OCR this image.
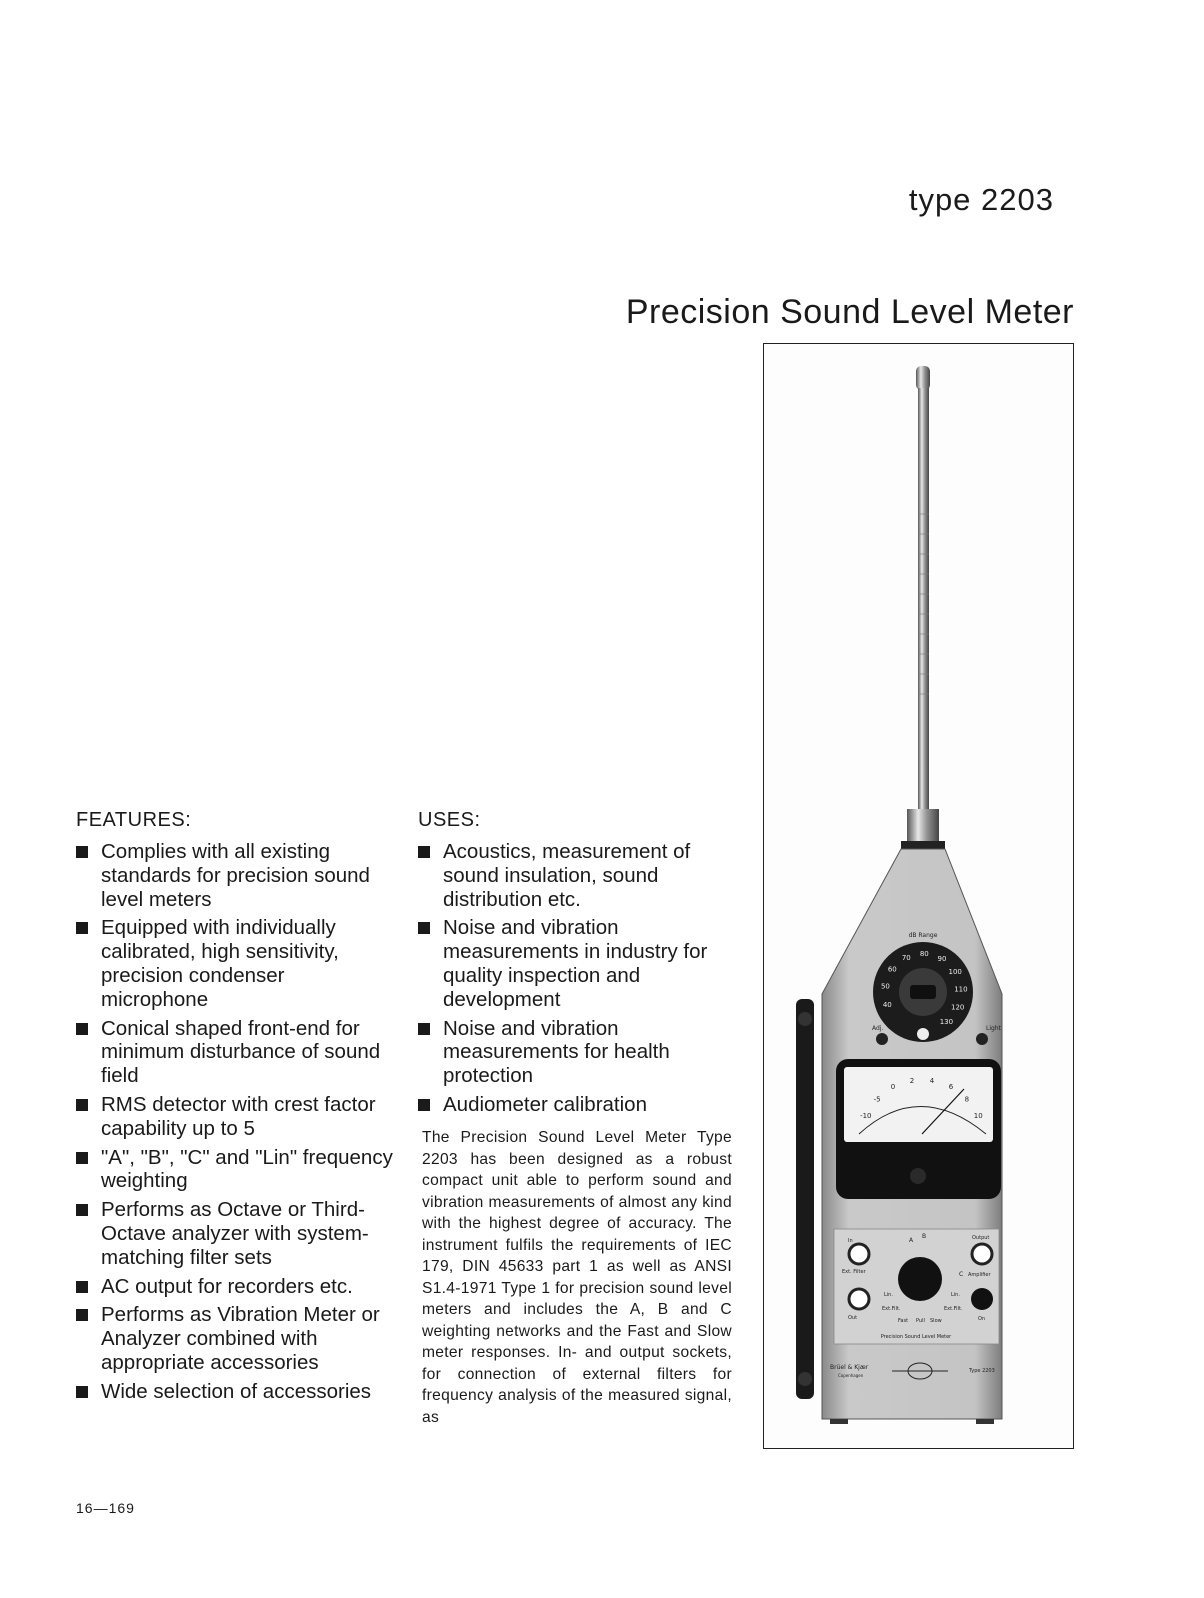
type 2203
Precision Sound Level Meter
FEATURES:
Complies with all existing standards for precision sound level meters
Equipped with individually calibrated, high sensitivity, precision condenser microphone
Conical shaped front-end for minimum disturbance of sound field
RMS detector with crest factor capability up to 5
"A", "B", "C" and "Lin" frequency weighting
Performs as Octave or Third-Octave analyzer with system-matching filter sets
AC output for recorders etc.
Performs as Vibration Meter or Analyzer combined with appropriate accessories
Wide selection of accessories
USES:
Acoustics, measurement of sound insulation, sound distribution etc.
Noise and vibration measurements in industry for quality inspection and development
Noise and vibration measurements for health protection
Audiometer calibration

The Precision Sound Level Meter Type 2203 has been designed as a robust compact unit able to perform sound and vibration measurements of almost any kind with the highest degree of accuracy. The instrument fulfils the requirements of IEC 179, DIN 45633 part 1 as well as ANSI S1.4-1971 Type 1 for precision sound level meters and includes the A, B and C weighting networks and the Fast and Slow meter responses. In- and output sockets, for connection of external filters for frequency analysis of the measured signal, as

16—169
dB Range
40
50
60
70 80
90
100
110
120
130
Adj.	Light
-10
-5
0
2 4
6
8
10
In
Ext. Filter
Out
Output
Amplifier
On
A
B
C
Lin.	Lin.
Ext.Filt.	Ext.Filt.
Fast Pull Slow
Precision Sound Level Meter
Brüel & Kjær
Copenhagen
Type 2203
